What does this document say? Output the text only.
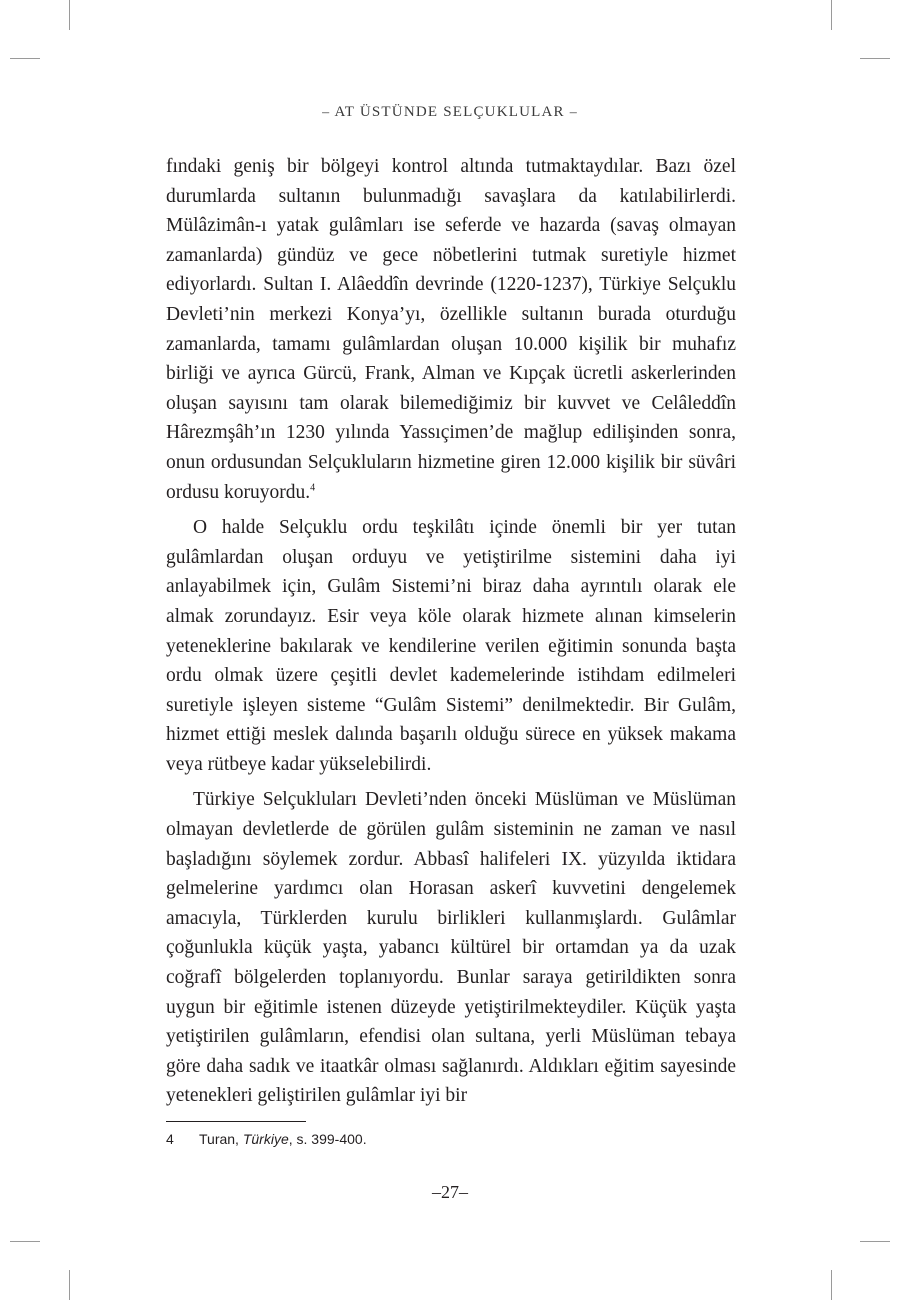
– AT ÜSTÜNDE SELÇUKLULAR –

fındaki geniş bir bölgeyi kontrol altında tutmaktaydılar. Bazı özel durumlarda sultanın bulunmadığı savaşlara da katılabilirlerdi. Mülâzimân-ı yatak gulâmları ise seferde ve hazarda (savaş olmayan zamanlarda) gündüz ve gece nöbetlerini tutmak suretiyle hizmet ediyorlardı. Sultan I. Alâeddîn devrinde (1220-1237), Türkiye Selçuklu Devleti’nin merkezi Konya’yı, özellikle sultanın burada oturduğu zamanlarda, tamamı gulâmlardan oluşan 10.000 kişilik bir muhafız birliği ve ayrıca Gürcü, Frank, Alman ve Kıpçak ücretli askerlerinden oluşan sayısını tam olarak bilemediğimiz bir kuvvet ve Celâleddîn Hârezmşâh’ın 1230 yılında Yassıçimen’de mağlup edilişinden sonra, onun ordusundan Selçukluların hizmetine giren 12.000 kişilik bir süvâri ordusu koruyordu.$^4$

O halde Selçuklu ordu teşkilâtı içinde önemli bir yer tutan gulâmlardan oluşan orduyu ve yetiştirilme sistemini daha iyi anlayabilmek için, Gulâm Sistemi’ni biraz daha ayrıntılı olarak ele almak zorundayız. Esir veya köle olarak hizmete alınan kimselerin yeteneklerine bakılarak ve kendilerine verilen eğitimin sonunda başta ordu olmak üzere çeşitli devlet kademelerinde istihdam edilmeleri suretiyle işleyen sisteme “Gulâm Sistemi” denilmektedir. Bir Gulâm, hizmet ettiği meslek dalında başarılı olduğu sürece en yüksek makama veya rütbeye kadar yükselebilirdi.

Türkiye Selçukluları Devleti’nden önceki Müslüman ve Müslüman olmayan devletlerde de görülen gulâm sisteminin ne zaman ve nasıl başladığını söylemek zordur. Abbasî halifeleri IX. yüzyılda iktidara gelmelerine yardımcı olan Horasan askerî kuvvetini dengelemek amacıyla, Türklerden kurulu birlikleri kullanmışlardı. Gulâmlar çoğunlukla küçük yaşta, yabancı kültürel bir ortamdan ya da uzak coğrafî bölgelerden toplanıyordu. Bunlar saraya getirildikten sonra uygun bir eğitimle istenen düzeyde yetiştirilmekteydiler. Küçük yaşta yetiştirilen gulâmların, efendisi olan sultana, yerli Müslüman tebaya göre daha sadık ve itaatkâr olması sağlanırdı. Aldıkları eğitim sayesinde yetenekleri geliştirilen gulâmlar iyi bir

4 Turan, Türkiye, s. 399-400.
–27–
